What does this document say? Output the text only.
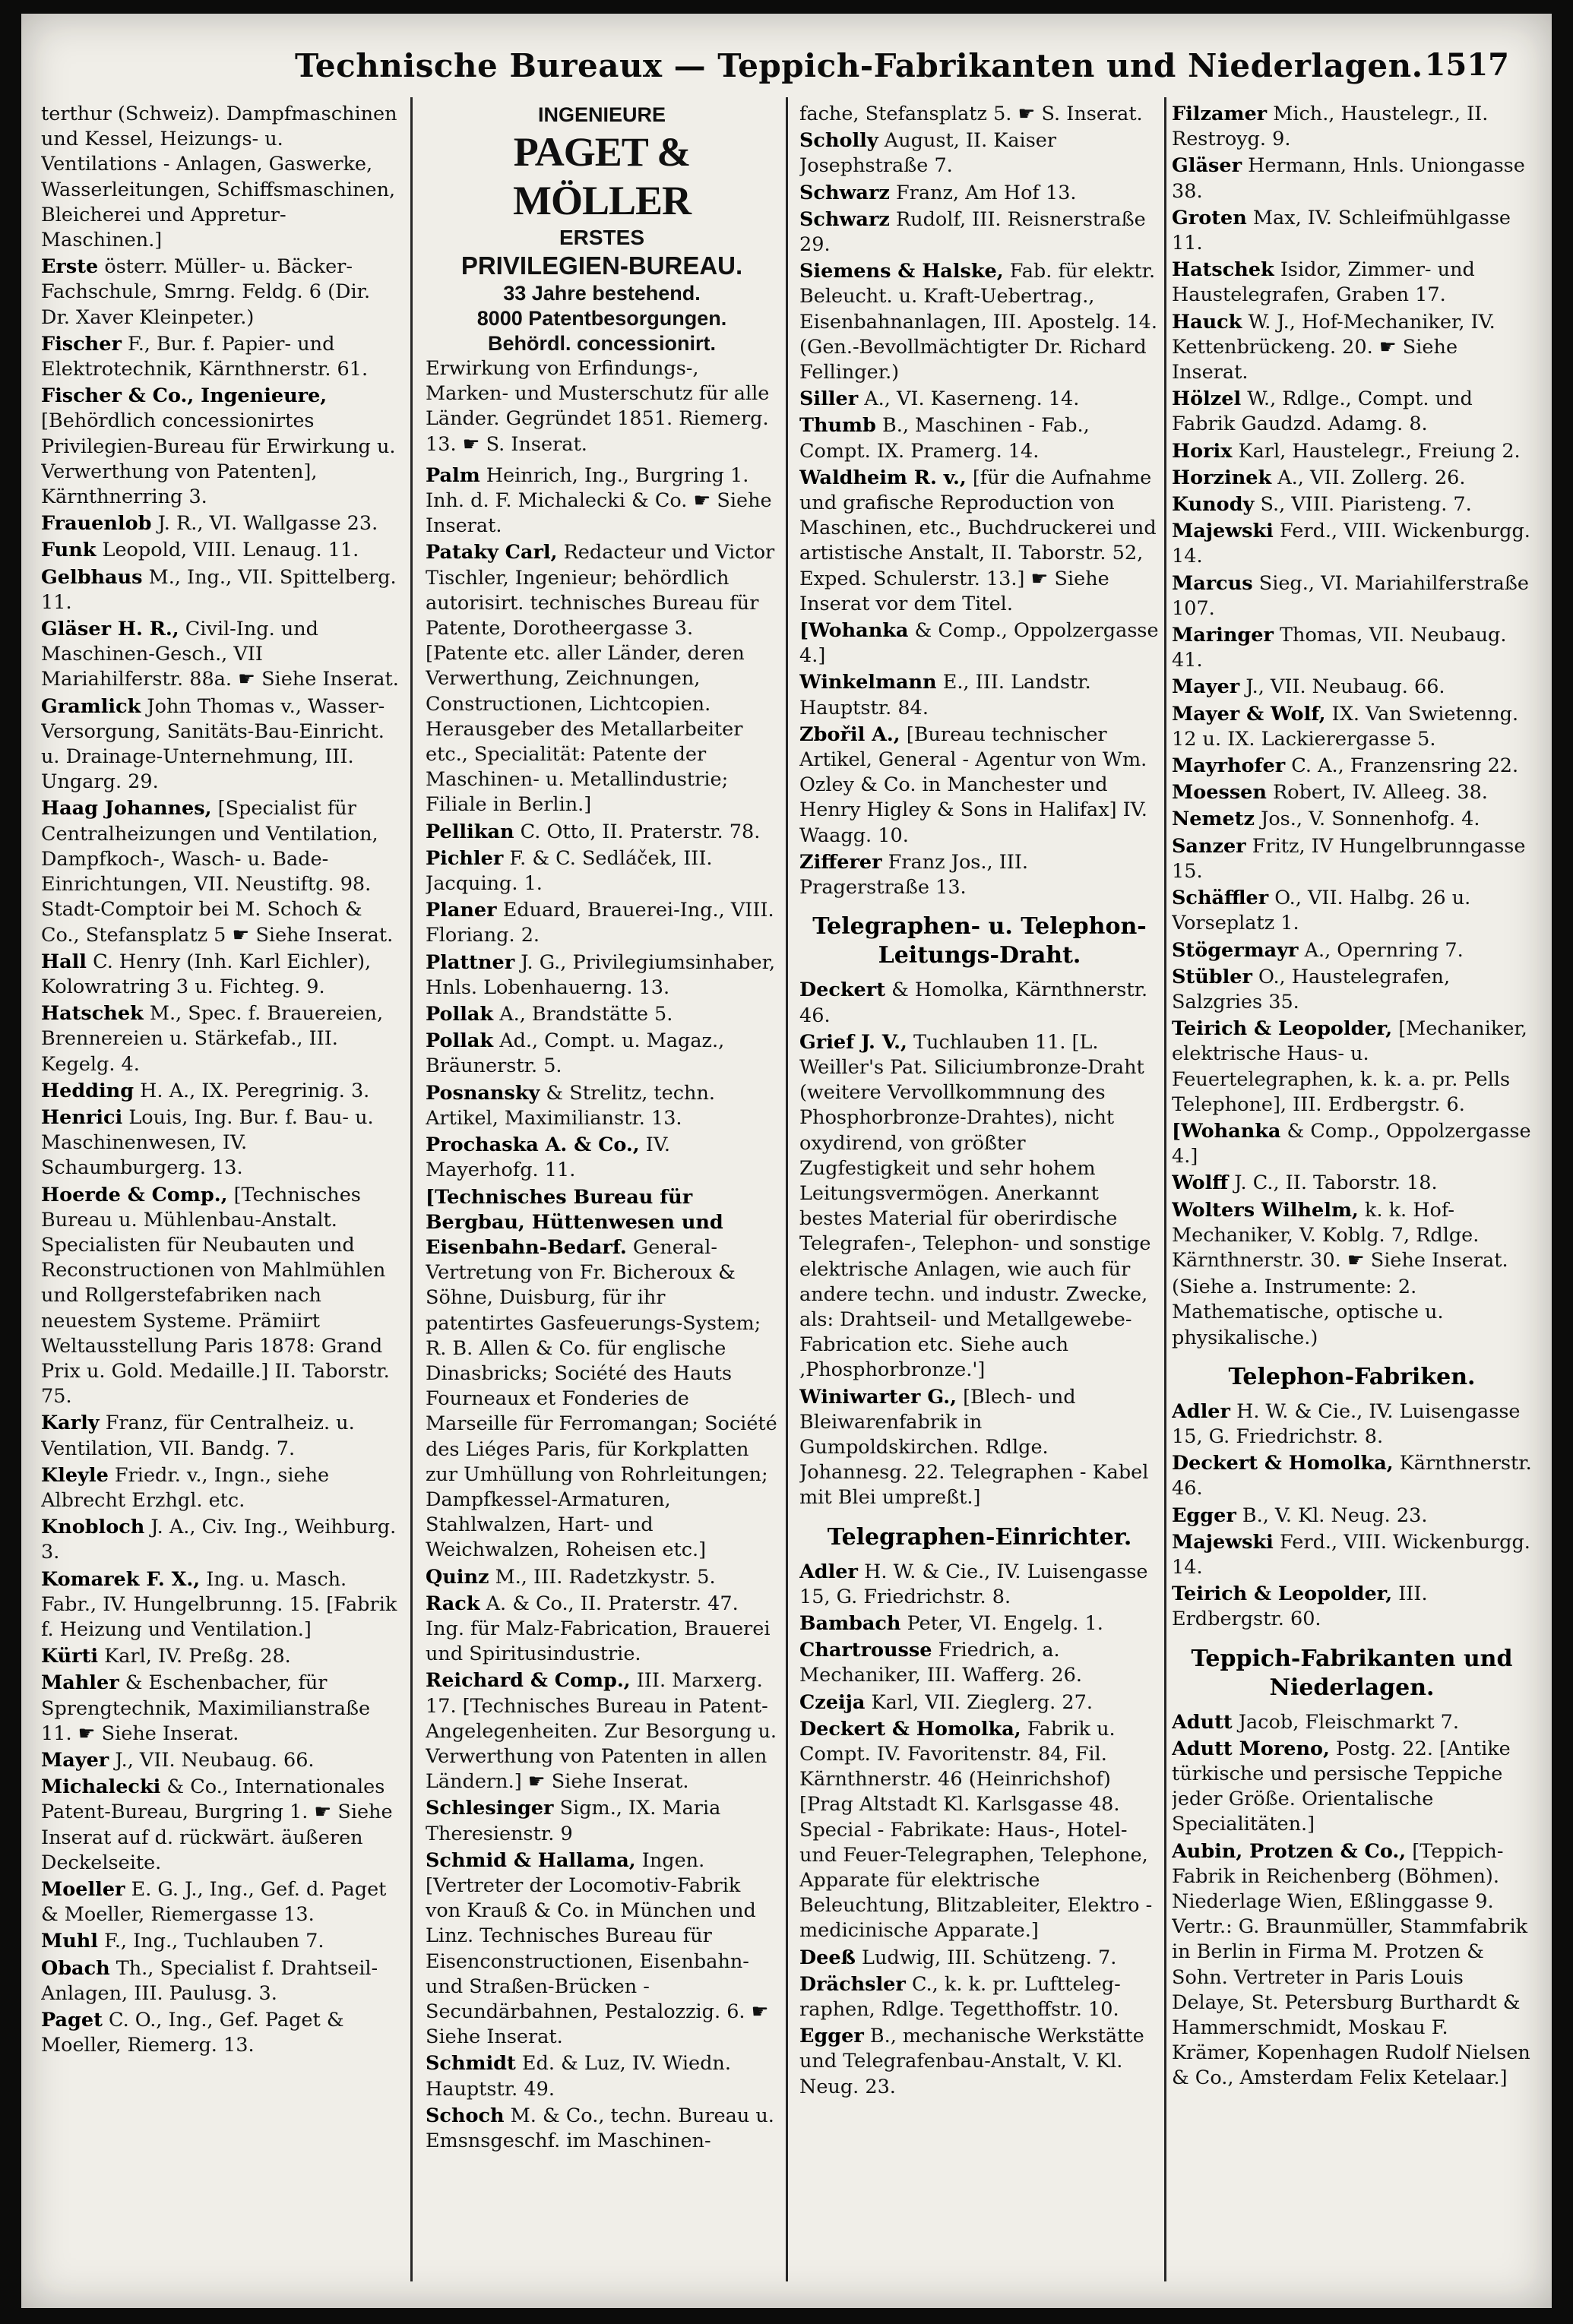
Technische Bureaux — Teppich-Fabrikanten und Niederlagen. 1517
terthur (Schweiz). Dampfmaschinen und Kessel, Heizungs- u. Ventilations - Anlagen, Gaswerke, Wasserleitungen, Schiffsmaschinen, Bleicherei und Appretur-Maschinen.]
Erste österr. Müller- u. Bäcker-Fachschule, Smrng. Feldg. 6 (Dir. Dr. Xaver Kleinpeter.)
Fischer F., Bur. f. Papier- und Elektrotechnik, Kärnthnerstr. 61.
Fischer & Co., Ingenieure, [Behördlich concessionirtes Privilegien-Bureau für Erwirkung u. Verwerthung von Patenten], Kärnthnerring 3.
Frauenlob J. R., VI. Wallgasse 23.
Funk Leopold, VIII. Lenaug. 11.
Gelbhaus M., Ing., VII. Spittelberg. 11.
Gläser H. R., Civil-Ing. und Maschinen-Gesch., VII Mariahilferstr. 88a. ☛ Siehe Inserat.
Gramlick John Thomas v., Wasser-Versorgung, Sanitäts-Bau-Einricht. u. Drainage-Unternehmung, III. Ungarg. 29.
Haag Johannes, [Specialist für Centralheizungen und Ventilation, Dampfkoch-, Wasch- u. Bade-Einrichtungen, VII. Neustiftg. 98. Stadt-Comptoir bei M. Schoch & Co., Stefansplatz 5 ☛ Siehe Inserat.
Hall C. Henry (Inh. Karl Eichler), Kolowratring 3 u. Fichteg. 9.
Hatschek M., Spec. f. Brauereien, Brennereien u. Stärkefab., III. Kegelg. 4.
Hedding H. A., IX. Peregrinig. 3.
Henrici Louis, Ing. Bur. f. Bau- u. Maschinenwesen, IV. Schaumburgerg. 13.
Hoerde & Comp., [Technisches Bureau u. Mühlenbau-Anstalt. Specialisten für Neubauten und Reconstructionen von Mahlmühlen und Rollgerstefabriken nach neuestem Systeme. Prämiirt Weltausstellung Paris 1878: Grand Prix u. Gold. Medaille.] II. Taborstr. 75.
Karly Franz, für Centralheiz. u. Ventilation, VII. Bandg. 7.
Kleyle Friedr. v., Ingn., siehe Albrecht Erzhgl. etc.
Knobloch J. A., Civ. Ing., Weihburg. 3.
Komarek F. X., Ing. u. Masch. Fabr., IV. Hungelbrunng. 15. [Fabrik f. Heizung und Ventilation.]
Kürti Karl, IV. Preßg. 28.
Mahler & Eschenbacher, für Sprengtechnik, Maximilianstraße 11. ☛ Siehe Inserat.
Mayer J., VII. Neubaug. 66.
Michalecki & Co., Internationales Patent-Bureau, Burgring 1. ☛ Siehe Inserat auf d. rückwärt. äußeren Deckelseite.
Moeller E. G. J., Ing., Gef. d. Paget & Moeller, Riemergasse 13.
Muhl F., Ing., Tuchlauben 7.
Obach Th., Specialist f. Drahtseil-Anlagen, III. Paulusg. 3.
Paget C. O., Ing., Gef. Paget & Moeller, Riemerg. 13.
INGENIEURE
PAGET & MÖLLER
ERSTES
PRIVILEGIEN-BUREAU.
33 Jahre bestehend.
8000 Patentbesorgungen.
Behördl. concessionirt.
Erwirkung von Erfindungs-, Marken- und Musterschutz für alle Länder. Gegründet 1851. Riemerg. 13. ☛ S. Inserat.
Palm Heinrich, Ing., Burgring 1. Inh. d. F. Michalecki & Co. ☛ Siehe Inserat.
Pataky Carl, Redacteur und Victor Tischler, Ingenieur; behördlich autorisirt. technisches Bureau für Patente, Dorotheergasse 3. [Patente etc. aller Länder, deren Verwerthung, Zeichnungen, Constructionen, Lichtcopien. Herausgeber des Metallarbeiter etc., Specialität: Patente der Maschinen- u. Metallindustrie; Filiale in Berlin.]
Pellikan C. Otto, II. Praterstr. 78.
Pichler F. & C. Sedláček, III. Jacquing. 1.
Planer Eduard, Brauerei-Ing., VIII. Floriang. 2.
Plattner J. G., Privilegiumsinhaber, Hnls. Lobenhauerng. 13.
Pollak A., Brandstätte 5.
Pollak Ad., Compt. u. Magaz., Bräunerstr. 5.
Posnansky & Strelitz, techn. Artikel, Maximilianstr. 13.
Prochaska A. & Co., IV. Mayerhofg. 11.
[Technisches Bureau für Bergbau, Hüttenwesen und Eisenbahn-Bedarf. General-Vertretung von Fr. Bicheroux & Söhne, Duisburg, für ihr patentirtes Gasfeuerungs-System; R. B. Allen & Co. für englische Dinasbricks; Société des Hauts Fourneaux et Fonderies de Marseille für Ferromangan; Société des Liéges Paris, für Korkplatten zur Umhüllung von Rohrleitungen; Dampfkessel-Armaturen, Stahlwalzen, Hart- und Weichwalzen, Roheisen etc.]
Quinz M., III. Radetzkystr. 5.
Rack A. & Co., II. Praterstr. 47. Ing. für Malz-Fabrication, Brauerei und Spiritusindustrie.
Reichard & Comp., III. Marxerg. 17. [Technisches Bureau in Patent-Angelegenheiten. Zur Besorgung u. Verwerthung von Patenten in allen Ländern.] ☛ Siehe Inserat.
Schlesinger Sigm., IX. Maria Theresienstr. 9
Schmid & Hallama, Ingen. [Vertreter der Locomotiv-Fabrik von Krauß & Co. in München und Linz. Technisches Bureau für Eisenconstructionen, Eisenbahn- und Straßen-Brücken - Secundärbahnen, Pestalozzig. 6. ☛ Siehe Inserat.
Schmidt Ed. & Luz, IV. Wiedn. Hauptstr. 49.
Schoch M. & Co., techn. Bureau u. Emsnsgeschf. im Maschinen-
fache, Stefansplatz 5. ☛ S. Inserat.
Scholly August, II. Kaiser Josephstraße 7.
Schwarz Franz, Am Hof 13.
Schwarz Rudolf, III. Reisnerstraße 29.
Siemens & Halske, Fab. für elektr. Beleucht. u. Kraft-Uebertrag., Eisenbahnanlagen, III. Apostelg. 14. (Gen.-Bevollmächtigter Dr. Richard Fellinger.)
Siller A., VI. Kaserneng. 14.
Thumb B., Maschinen - Fab., Compt. IX. Pramerg. 14.
Waldheim R. v., [für die Aufnahme und grafische Reproduction von Maschinen, etc., Buchdruckerei und artistische Anstalt, II. Taborstr. 52, Exped. Schulerstr. 13.] ☛ Siehe Inserat vor dem Titel.
[Wohanka & Comp., Oppolzergasse 4.]
Winkelmann E., III. Landstr. Hauptstr. 84.
Zbořil A., [Bureau technischer Artikel, General - Agentur von Wm. Ozley & Co. in Manchester und Henry Higley & Sons in Halifax] IV. Waagg. 10.
Zifferer Franz Jos., III. Pragerstraße 13.
Telegraphen- u. Telephon-Leitungs-Draht.
Deckert & Homolka, Kärnthnerstr. 46.
Grief J. V., Tuchlauben 11. [L. Weiller's Pat. Siliciumbronze-Draht (weitere Vervollkommnung des Phosphorbronze-Drahtes), nicht oxydirend, von größter Zugfestigkeit und sehr hohem Leitungsvermögen. Anerkannt bestes Material für oberirdische Telegrafen-, Telephon- und sonstige elektrische Anlagen, wie auch für andere techn. und industr. Zwecke, als: Drahtseil- und Metallgewebe-Fabrication etc. Siehe auch ‚Phosphorbronze.']
Winiwarter G., [Blech- und Bleiwarenfabrik in Gumpoldskirchen. Rdlge. Johannesg. 22. Telegraphen - Kabel mit Blei umpreßt.]
Telegraphen-Einrichter.
Adler H. W. & Cie., IV. Luisengasse 15, G. Friedrichstr. 8.
Bambach Peter, VI. Engelg. 1.
Chartrousse Friedrich, a. Mechaniker, III. Wafferg. 26.
Czeija Karl, VII. Zieglerg. 27.
Deckert & Homolka, Fabrik u. Compt. IV. Favoritenstr. 84, Fil. Kärnthnerstr. 46 (Heinrichshof) [Prag Altstadt Kl. Karlsgasse 48. Special - Fabrikate: Haus-, Hotel- und Feuer-Telegraphen, Telephone, Apparate für elektrische Beleuchtung, Blitzableiter, Elektro - medicinische Apparate.]
Deeß Ludwig, III. Schützeng. 7.
Drächsler C., k. k. pr. Lufttelegraphen, Rdlge. Tegetthoffstr. 10.
Egger B., mechanische Werkstätte und Telegrafenbau-Anstalt, V. Kl. Neug. 23.
Filzamer Mich., Haustelegr., II. Restroyg. 9.
Gläser Hermann, Hnls. Uniongasse 38.
Groten Max, IV. Schleifmühlgasse 11.
Hatschek Isidor, Zimmer- und Haustelegrafen, Graben 17.
Hauck W. J., Hof-Mechaniker, IV. Kettenbrückeng. 20. ☛ Siehe Inserat.
Hölzel W., Rdlge., Compt. und Fabrik Gaudzd. Adamg. 8.
Horix Karl, Haustelegr., Freiung 2.
Horzinek A., VII. Zollerg. 26.
Kunody S., VIII. Piaristeng. 7.
Majewski Ferd., VIII. Wickenburgg. 14.
Marcus Sieg., VI. Mariahilferstraße 107.
Maringer Thomas, VII. Neubaug. 41.
Mayer J., VII. Neubaug. 66.
Mayer & Wolf, IX. Van Swietenng. 12 u. IX. Lackierergasse 5.
Mayrhofer C. A., Franzensring 22.
Moessen Robert, IV. Alleeg. 38.
Nemetz Jos., V. Sonnenhofg. 4.
Sanzer Fritz, IV Hungelbrunngasse 15.
Schäffler O., VII. Halbg. 26 u. Vorseplatz 1.
Stögermayr A., Opernring 7.
Stübler O., Haustelegrafen, Salzgries 35.
Teirich & Leopolder, [Mechaniker, elektrische Haus- u. Feuertelegraphen, k. k. a. pr. Pells Telephone], III. Erdbergstr. 6.
[Wohanka & Comp., Oppolzergasse 4.]
Wolff J. C., II. Taborstr. 18.
Wolters Wilhelm, k. k. Hof-Mechaniker, V. Koblg. 7, Rdlge. Kärnthnerstr. 30. ☛ Siehe Inserat.
(Siehe a. Instrumente: 2. Mathematische, optische u. physikalische.)
Telephon-Fabriken.
Adler H. W. & Cie., IV. Luisengasse 15, G. Friedrichstr. 8.
Deckert & Homolka, Kärnthnerstr. 46.
Egger B., V. Kl. Neug. 23.
Majewski Ferd., VIII. Wickenburgg. 14.
Teirich & Leopolder, III. Erdbergstr. 60.
Teppich-Fabrikanten und Niederlagen.
Adutt Jacob, Fleischmarkt 7.
Adutt Moreno, Postg. 22. [Antike türkische und persische Teppiche jeder Größe. Orientalische Specialitäten.]
Aubin, Protzen & Co., [Teppich-Fabrik in Reichenberg (Böhmen). Niederlage Wien, Eßlinggasse 9. Vertr.: G. Braunmüller, Stammfabrik in Berlin in Firma M. Protzen & Sohn. Vertreter in Paris Louis Delaye, St. Petersburg Burthardt & Hammerschmidt, Moskau F. Krämer, Kopenhagen Rudolf Nielsen & Co., Amsterdam Felix Ketelaar.]
